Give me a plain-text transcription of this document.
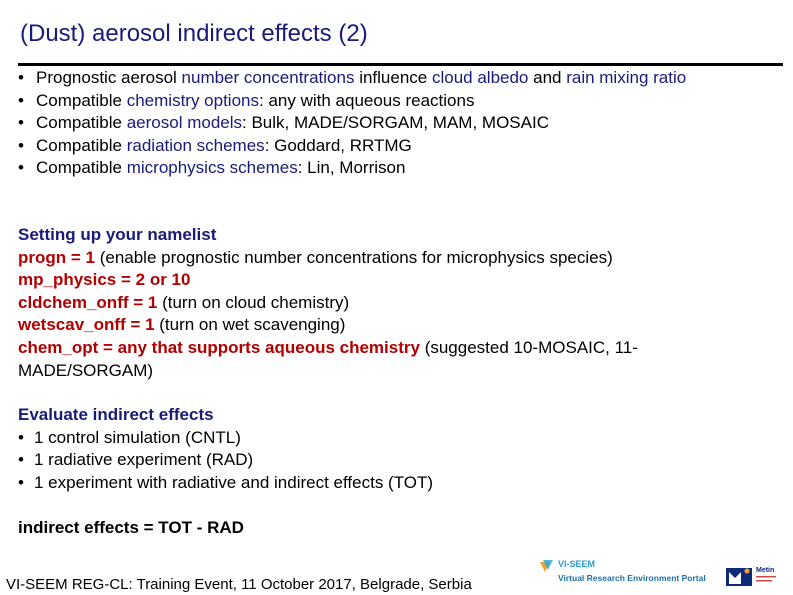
(Dust) aerosol indirect effects (2)
• Prognostic aerosol number concentrations influence cloud albedo and rain mixing ratio
• Compatible chemistry options: any with aqueous reactions
• Compatible aerosol models: Bulk, MADE/SORGAM, MAM, MOSAIC
• Compatible radiation schemes: Goddard, RRTMG
• Compatible microphysics schemes: Lin, Morrison
Setting up your namelist
progn = 1 (enable prognostic number concentrations for microphysics species)
mp_physics = 2 or 10
cldchem_onff = 1 (turn on cloud chemistry)
wetscav_onff = 1 (turn on wet scavenging)
chem_opt = any that supports aqueous chemistry (suggested 10-MOSAIC, 11-MADE/SORGAM)
Evaluate indirect effects
• 1 control simulation (CNTL)
• 1 radiative experiment (RAD)
• 1 experiment with radiative and indirect effects (TOT)
indirect effects = TOT - RAD
VI-SEEM REG-CL: Training Event, 11 October 2017, Belgrade, Serbia
VI-SEEM
Virtual Research Environment Portal
Metin
